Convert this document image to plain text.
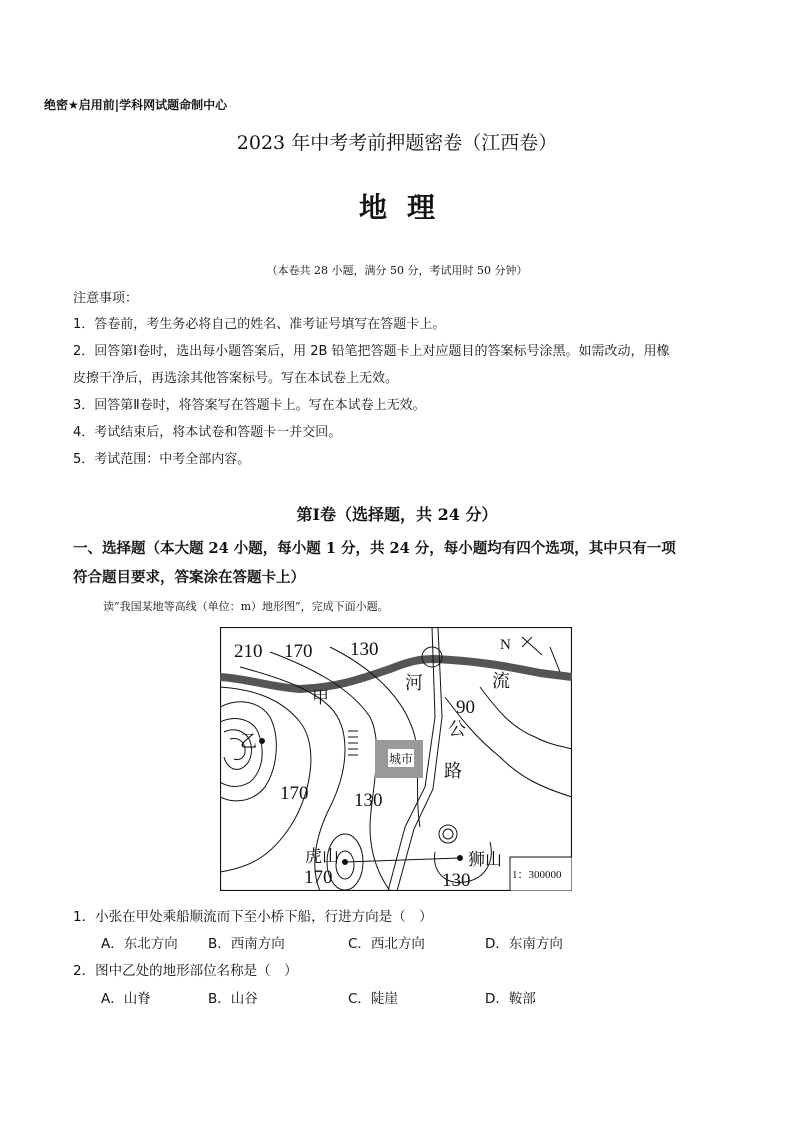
绝密★启用前|学科网试题命制中心
2023 年中考考前押题密卷（江西卷）
地理
（本卷共 28 小题，满分 50 分，考试用时 50 分钟）
注意事项：
1．答卷前，考生务必将自己的姓名、准考证号填写在答题卡上。
2．回答第Ⅰ卷时，选出每小题答案后，用 2B 铅笔把答题卡上对应题目的答案标号涂黑。如需改动，用橡
皮擦干净后，再选涂其他答案标号。写在本试卷上无效。
3．回答第Ⅱ卷时，将答案写在答题卡上。写在本试卷上无效。
4．考试结束后，将本试卷和答题卡一并交回。
5．考试范围：中考全部内容。
第Ⅰ卷（选择题，共 24 分）
一、选择题（本大题 24 小题，每小题 1 分，共 24 分，每小题均有四个选项，其中只有一项
符合题目要求，答案涂在答题卡上）
读“我国某地等高线（单位：m）地形图”，完成下面小题。
210 170 130	N
甲
河	流
90
公
乙
城市
路
170 130
虎山
170
狮山
130	1：300000
1．小张在甲处乘船顺流而下至小桥下船，行进方向是（　）
A．东北方向 B．西南方向	C．西北方向	D．东南方向
2．图中乙处的地形部位名称是（　）
A．山脊	B．山谷	C．陡崖	D．鞍部
